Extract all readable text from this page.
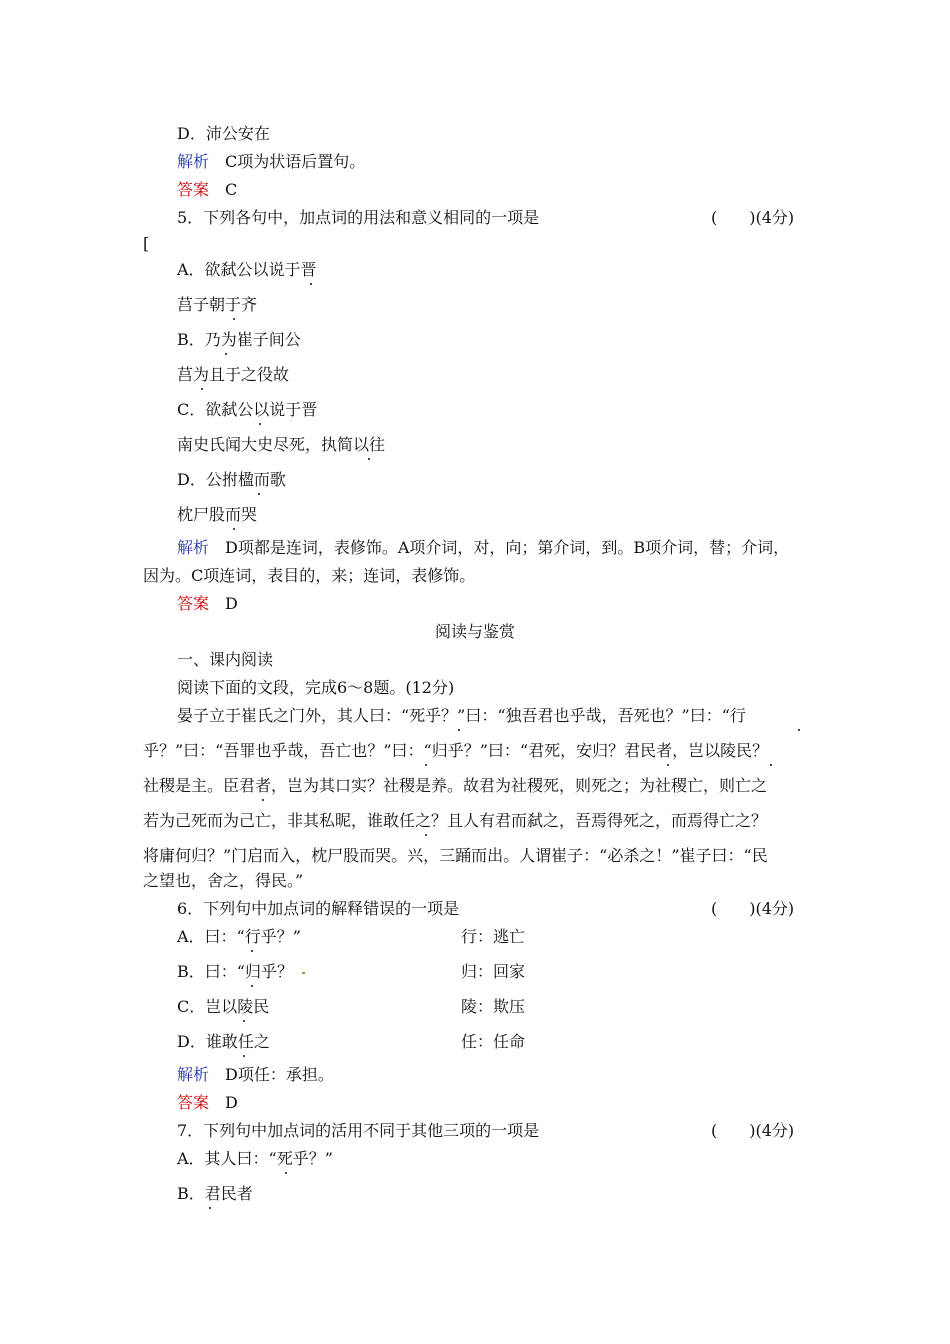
D．沛公安在
解析　 C项为状语后置句。
答案　 C
5．下列各句中，加点词的用法和意义相同的一项是	(　　)(4分)
[
A．欲弑公以说于晋
莒子朝于齐
B．乃为崔子间公
莒为且于之役故
C．欲弑公以说于晋
南史氏闻大史尽死，执简以往
D．公拊楹而歌
枕尸股而哭
解析　 D项都是连词，表修饰。A项介词，对，向；第介词，到。B项介词，替；介词，
因为。C项连词，表目的，来；连词，表修饰。
答案　 D
阅读与鉴赏
一、课内阅读
阅读下面的文段，完成6～8题。(12分)
晏子立于崔氏之门外，其人曰：“死乎？”曰：“独吾君也乎哉，吾死也？”曰：“行
乎？”曰：“吾罪也乎哉，吾亡也？”曰：“归乎？”曰：“君死，安归？君民者，岂以陵民？
社稷是主。臣君者，岂为其口实？社稷是养。故君为社稷死，则死之；为社稷亡，则亡之
若为己死而为己亡，非其私昵，谁敢任之？且人有君而弑之，吾焉得死之，而焉得亡之？
将庸何归？”门启而入，枕尸股而哭。兴，三踊而出。人谓崔子：“必杀之！”崔子曰：“民
之望也，舍之，得民。”
6．下列句中加点词的解释错误的一项是	(　　)(4分)
A．曰：“行乎？”	行：逃亡
B．曰：“归乎？	归：回家
C．岂以陵民	陵：欺压
D．谁敢任之	任：任命
解析　 D项任：承担。
答案　 D
7．下列句中加点词的活用不同于其他三项的一项是	(　　)(4分)
A．其人曰：“死乎？”
B．君民者
